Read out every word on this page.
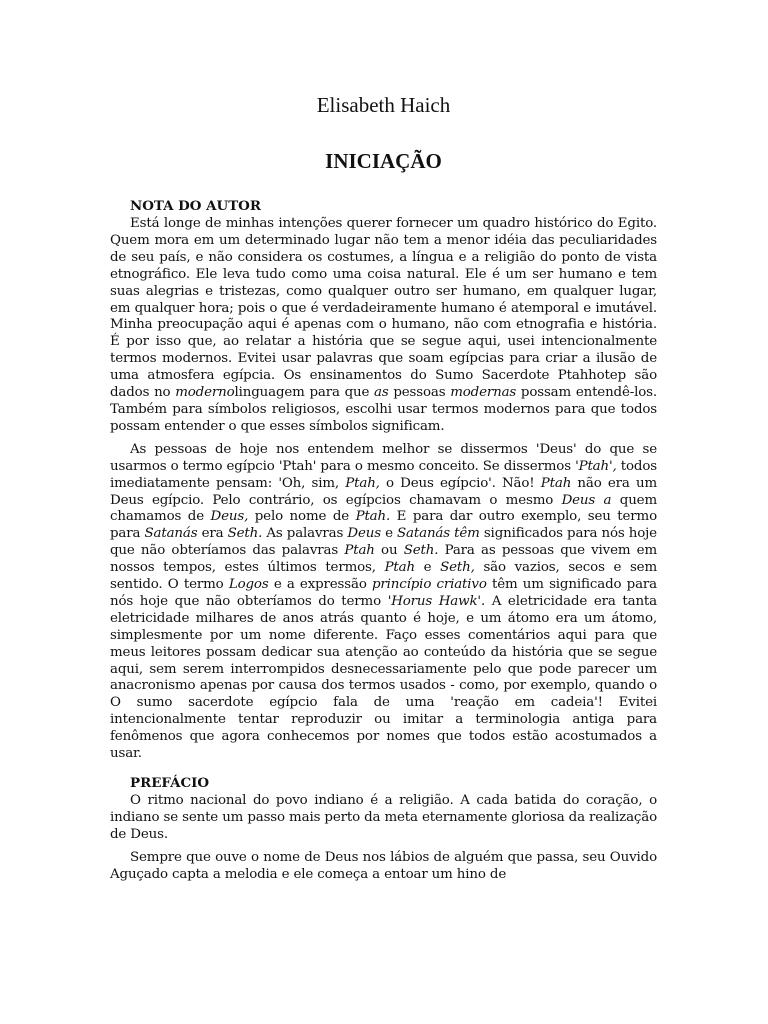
Elisabeth Haich
INICIAÇÃO
NOTA DO AUTOR

Está longe de minhas intenções querer fornecer um quadro histórico do Egito. Quem mora em um determinado lugar não tem a menor idéia das peculiaridades de seu país, e não considera os costumes, a língua e a religião do ponto de vista etnográfico. Ele leva tudo como uma coisa natural. Ele é um ser humano e tem suas alegrias e tristezas, como qualquer outro ser humano, em qualquer lugar, em qualquer hora; pois o que é verdadeiramente humano é atemporal e imutável. Minha preocupação aqui é apenas com o humano, não com etnografia e história. É por isso que, ao relatar a história que se segue aqui, usei intencionalmente termos modernos. Evitei usar palavras que soam egípcias para criar a ilusão de uma atmosfera egípcia. Os ensinamentos do Sumo Sacerdote Ptahhotep são dados no modernolinguagem para que as pessoas modernas possam entendê-los. Também para símbolos religiosos, escolhi usar termos modernos para que todos possam entender o que esses símbolos significam.

As pessoas de hoje nos entendem melhor se dissermos 'Deus' do que se usarmos o termo egípcio 'Ptah' para o mesmo conceito. Se dissermos 'Ptah', todos imediatamente pensam: 'Oh, sim, Ptah, o Deus egípcio'. Não! Ptah não era um Deus egípcio. Pelo contrário, os egípcios chamavam o mesmo Deus a quem chamamos de Deus, pelo nome de Ptah. E para dar outro exemplo, seu termo para Satanás era Seth. As palavras Deus e Satanás têm significados para nós hoje que não obteríamos das palavras Ptah ou Seth. Para as pessoas que vivem em nossos tempos, estes últimos termos, Ptah e Seth, são vazios, secos e sem sentido. O termo Logos e a expressão princípio criativo têm um significado para nós hoje que não obteríamos do termo 'Horus Hawk'. A eletricidade era tanta eletricidade milhares de anos atrás quanto é hoje, e um átomo era um átomo, simplesmente por um nome diferente. Faço esses comentários aqui para que meus leitores possam dedicar sua atenção ao conteúdo da história que se segue aqui, sem serem interrompidos desnecessariamente pelo que pode parecer um anacronismo apenas por causa dos termos usados - como, por exemplo, quando o O sumo sacerdote egípcio fala de uma 'reação em cadeia'! Evitei intencionalmente tentar reproduzir ou imitar a terminologia antiga para fenômenos que agora conhecemos por nomes que todos estão acostumados a usar.

PREFÁCIO

O ritmo nacional do povo indiano é a religião. A cada batida do coração, o indiano se sente um passo mais perto da meta eternamente gloriosa da realização de Deus.

Sempre que ouve o nome de Deus nos lábios de alguém que passa, seu Ouvido Aguçado capta a melodia e ele começa a entoar um hino de
